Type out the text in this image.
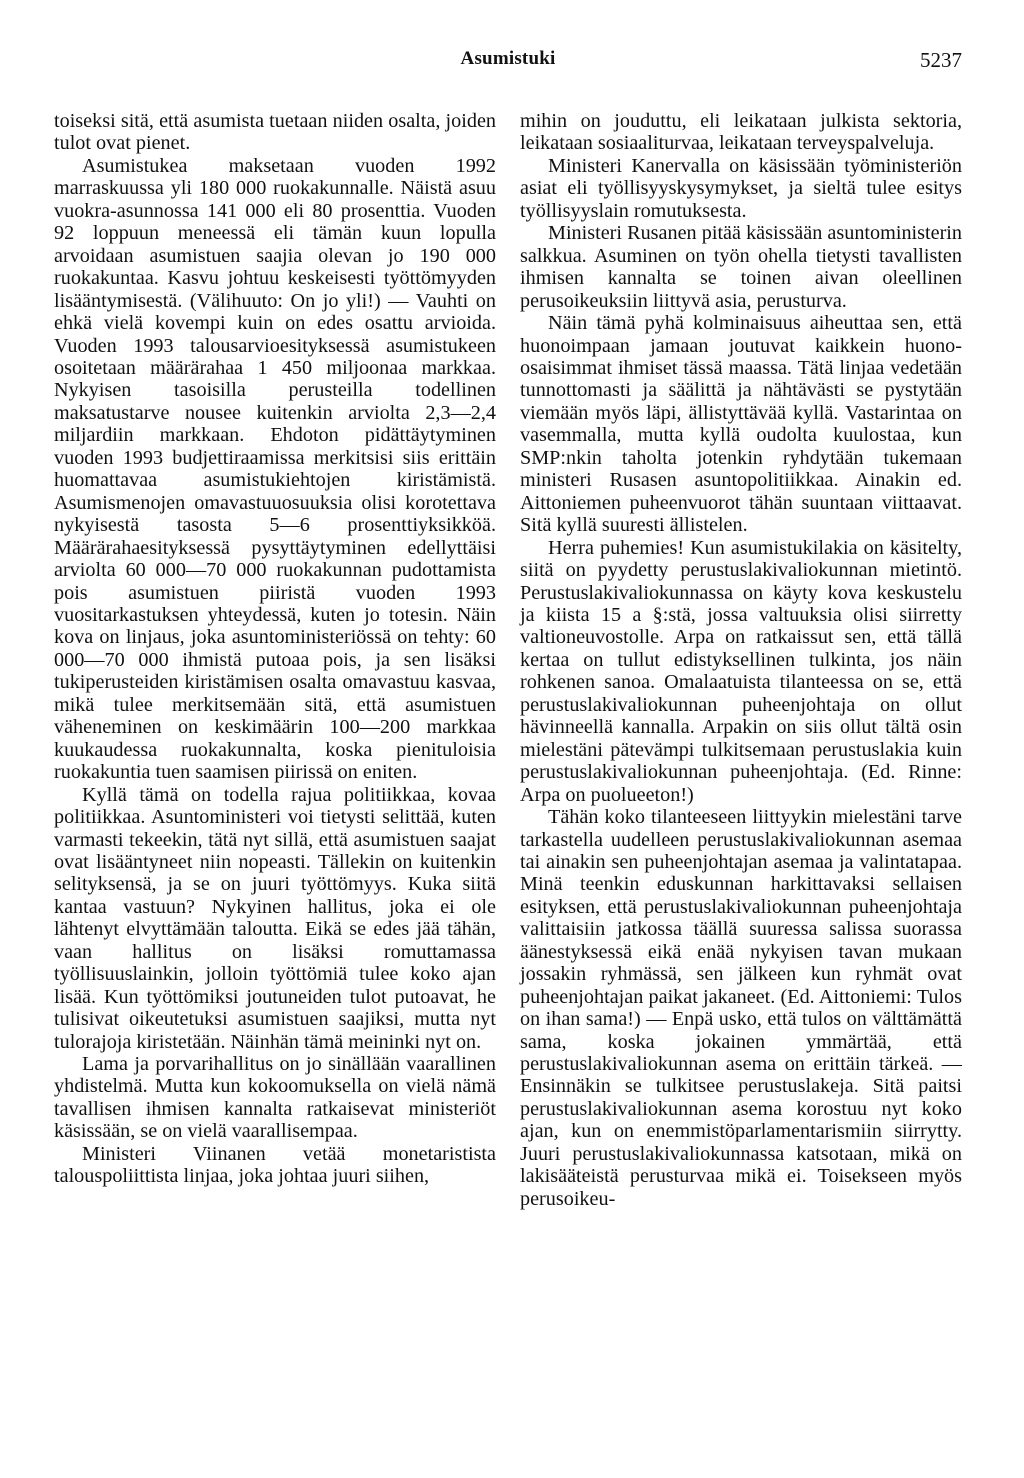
Asumistuki	5237

toiseksi sitä, että asumista tuetaan niiden osalta, joiden tulot ovat pienet.

Asumistukea maksetaan vuoden 1992 marraskuussa yli 180 000 ruokakunnalle. Näistä asuu vuokra-asunnossa 141 000 eli 80 prosenttia. Vuoden 92 loppuun meneessä eli tämän kuun lopulla arvoidaan asumistuen saajia olevan jo 190 000 ruokakuntaa. Kasvu johtuu keskeisesti työttömyyden lisääntymisestä. (Välihuuto: On jo yli!) — Vauhti on ehkä vielä kovempi kuin on edes osattu arvioida. Vuoden 1993 talousarvioesityksessä asumistukeen osoitetaan määrärahaa 1 450 miljoonaa markkaa. Nykyisen tasoisilla perusteilla todellinen maksatustarve nousee kuitenkin arviolta 2,3—2,4 miljardiin markkaan. Ehdoton pidättäytyminen vuoden 1993 budjettiraamissa merkitsisi siis erittäin huomattavaa asumistukiehtojen kiristämistä. Asumismenojen omavastuuosuuksia olisi korotettava nykyisestä tasosta 5—6 prosenttiyksikköä. Määrärahaesityksessä pysyttäytyminen edellyttäisi arviolta 60 000—70 000 ruokakunnan pudottamista pois asumistuen piiristä vuoden 1993 vuositarkastuksen yhteydessä, kuten jo totesin. Näin kova on linjaus, joka asuntoministeriössä on tehty: 60 000—70 000 ihmistä putoaa pois, ja sen lisäksi tukiperusteiden kiristämisen osalta omavastuu kasvaa, mikä tulee merkitsemään sitä, että asumistuen väheneminen on keskimäärin 100—200 markkaa kuukaudessa ruokakunnalta, koska pienituloisia ruokakuntia tuen saamisen piirissä on eniten.

Kyllä tämä on todella rajua politiikkaa, kovaa politiikkaa. Asuntoministeri voi tietysti selittää, kuten varmasti tekeekin, tätä nyt sillä, että asumistuen saajat ovat lisääntyneet niin nopeasti. Tällekin on kuitenkin selityksensä, ja se on juuri työttömyys. Kuka siitä kantaa vastuun? Nykyinen hallitus, joka ei ole lähtenyt elvyttämään taloutta. Eikä se edes jää tähän, vaan hallitus on lisäksi romuttamassa työllisuuslainkin, jolloin työttömiä tulee koko ajan lisää. Kun työttömiksi joutuneiden tulot putoavat, he tulisivat oikeutetuksi asumistuen saajiksi, mutta nyt tulorajoja kiristetään. Näinhän tämä meininki nyt on.

Lama ja porvarihallitus on jo sinällään vaarallinen yhdistelmä. Mutta kun kokoomuksella on vielä nämä tavallisen ihmisen kannalta ratkaisevat ministeriöt käsissään, se on vielä vaarallisempaa.

Ministeri Viinanen vetää monetaristista talouspoliittista linjaa, joka johtaa juuri siihen,

mihin on jouduttu, eli leikataan julkista sektoria, leikataan sosiaaliturvaa, leikataan terveyspalveluja.

Ministeri Kanervalla on käsissään työministeriön asiat eli työllisyyskysymykset, ja sieltä tulee esitys työllisyyslain romutuksesta.

Ministeri Rusanen pitää käsissään asuntoministerin salkkua. Asuminen on työn ohella tietysti tavallisten ihmisen kannalta se toinen aivan oleellinen perusoikeuksiin liittyvä asia, perusturva.

Näin tämä pyhä kolminaisuus aiheuttaa sen, että huonoimpaan jamaan joutuvat kaikkein huono-osaisimmat ihmiset tässä maassa. Tätä linjaa vedetään tunnottomasti ja säälittä ja nähtävästi se pystytään viemään myös läpi, ällistyttävää kyllä. Vastarintaa on vasemmalla, mutta kyllä oudolta kuulostaa, kun SMP:nkin taholta jotenkin ryhdytään tukemaan ministeri Rusasen asuntopolitiikkaa. Ainakin ed. Aittoniemen puheenvuorot tähän suuntaan viittaavat. Sitä kyllä suuresti ällistelen.

Herra puhemies! Kun asumistukilakia on käsitelty, siitä on pyydetty perustuslakivaliokunnan mietintö. Perustuslakivaliokunnassa on käyty kova keskustelu ja kiista 15 a §:stä, jossa valtuuksia olisi siirretty valtioneuvostolle. Arpa on ratkaissut sen, että tällä kertaa on tullut edistyksellinen tulkinta, jos näin rohkenen sanoa. Omalaatuista tilanteessa on se, että perustuslakivaliokunnan puheenjohtaja on ollut hävinneellä kannalla. Arpakin on siis ollut tältä osin mielestäni pätevämpi tulkitsemaan perustuslakia kuin perustuslakivaliokunnan puheenjohtaja. (Ed. Rinne: Arpa on puolueeton!)

Tähän koko tilanteeseen liittyykin mielestäni tarve tarkastella uudelleen perustuslakivaliokunnan asemaa tai ainakin sen puheenjohtajan asemaa ja valintatapaa. Minä teenkin eduskunnan harkittavaksi sellaisen esityksen, että perustuslakivaliokunnan puheenjohtaja valittaisiin jatkossa täällä suuressa salissa suorassa äänestyksessä eikä enää nykyisen tavan mukaan jossakin ryhmässä, sen jälkeen kun ryhmät ovat puheenjohtajan paikat jakaneet. (Ed. Aittoniemi: Tulos on ihan sama!) — Enpä usko, että tulos on välttämättä sama, koska jokainen ymmärtää, että perustuslakivaliokunnan asema on erittäin tärkeä. — Ensinnäkin se tulkitsee perustuslakeja. Sitä paitsi perustuslakivaliokunnan asema korostuu nyt koko ajan, kun on enemmistöparlamentarismiin siirrytty. Juuri perustuslakivaliokunnassa katsotaan, mikä on lakisääteistä perusturvaa mikä ei. Toisekseen myös perusoikeu-
